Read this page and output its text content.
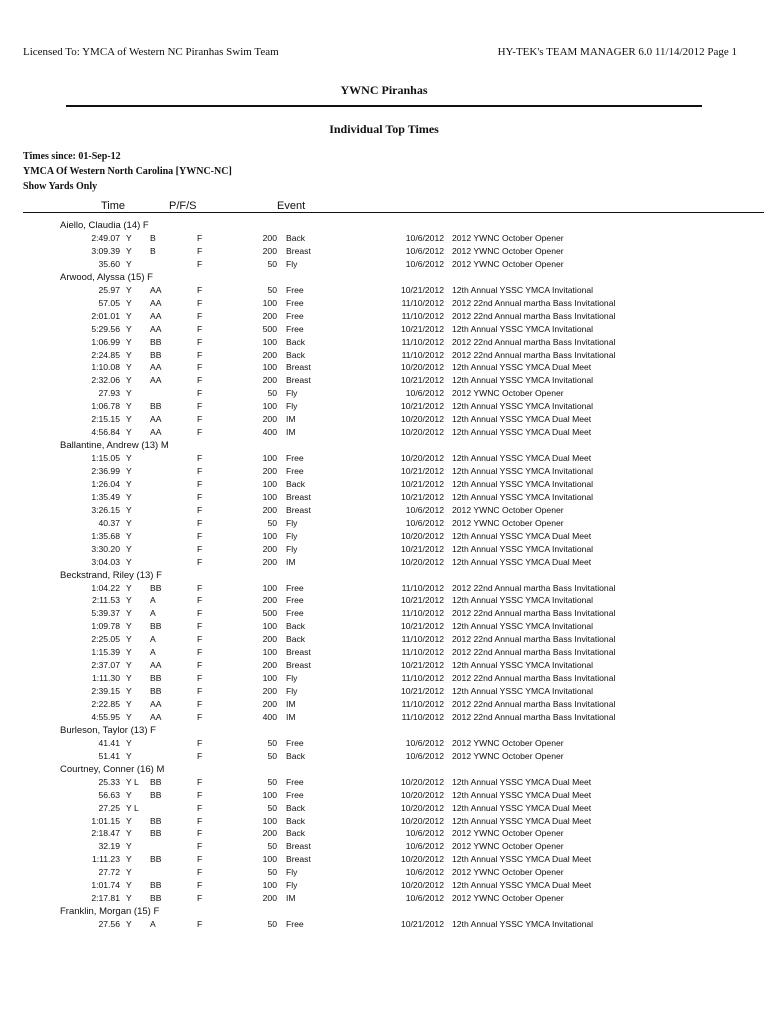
Licensed To: YMCA of Western NC Piranhas Swim Team	HY-TEK's TEAM MANAGER 6.0 11/14/2012 Page 1
YWNC Piranhas
Individual Top Times
Times since: 01-Sep-12
YMCA Of Western North Carolina [YWNC-NC]
Show Yards Only
Time	P/F/S	Event
Aiello, Claudia (14) F
2:49.07 Y B	F	200 Back	10/6/2012 2012 YWNC October Opener
3:09.39 Y B	F	200 Breast	10/6/2012 2012 YWNC October Opener
35.60 Y	F	50 Fly	10/6/2012 2012 YWNC October Opener
Arwood, Alyssa (15) F
25.97 Y AA	F	50 Free	10/21/2012 12th Annual YSSC YMCA Invitational
57.05 Y AA	F	100 Free	11/10/2012 2012 22nd Annual martha Bass Invitational
2:01.01 Y AA	F	200 Free	11/10/2012 2012 22nd Annual martha Bass Invitational
5:29.56 Y AA	F	500 Free	10/21/2012 12th Annual YSSC YMCA Invitational
1:06.99 Y BB	F	100 Back	11/10/2012 2012 22nd Annual martha Bass Invitational
2:24.85 Y BB	F	200 Back	11/10/2012 2012 22nd Annual martha Bass Invitational
1:10.08 Y AA	F	100 Breast	10/20/2012 12th Annual YSSC YMCA Dual Meet
2:32.06 Y AA	F	200 Breast	10/21/2012 12th Annual YSSC YMCA Invitational
27.93 Y	F	50 Fly	10/6/2012 2012 YWNC October Opener
1:06.78 Y BB	F	100 Fly	10/21/2012 12th Annual YSSC YMCA Invitational
2:15.15 Y AA	F	200 IM	10/20/2012 12th Annual YSSC YMCA Dual Meet
4:56.84 Y AA	F	400 IM	10/20/2012 12th Annual YSSC YMCA Dual Meet
Ballantine, Andrew (13) M
1:15.05 Y	F	100 Free	10/20/2012 12th Annual YSSC YMCA Dual Meet
2:36.99 Y	F	200 Free	10/21/2012 12th Annual YSSC YMCA Invitational
1:26.04 Y	F	100 Back	10/21/2012 12th Annual YSSC YMCA Invitational
1:35.49 Y	F	100 Breast	10/21/2012 12th Annual YSSC YMCA Invitational
3:26.15 Y	F	200 Breast	10/6/2012 2012 YWNC October Opener
40.37 Y	F	50 Fly	10/6/2012 2012 YWNC October Opener
1:35.68 Y	F	100 Fly	10/20/2012 12th Annual YSSC YMCA Dual Meet
3:30.20 Y	F	200 Fly	10/21/2012 12th Annual YSSC YMCA Invitational
3:04.03 Y	F	200 IM	10/20/2012 12th Annual YSSC YMCA Dual Meet
Beckstrand, Riley (13) F
1:04.22 Y BB	F	100 Free	11/10/2012 2012 22nd Annual martha Bass Invitational
2:11.53 Y A	F	200 Free	10/21/2012 12th Annual YSSC YMCA Invitational
5:39.37 Y A	F	500 Free	11/10/2012 2012 22nd Annual martha Bass Invitational
1:09.78 Y BB	F	100 Back	10/21/2012 12th Annual YSSC YMCA Invitational
2:25.05 Y A	F	200 Back	11/10/2012 2012 22nd Annual martha Bass Invitational
1:15.39 Y A	F	100 Breast	11/10/2012 2012 22nd Annual martha Bass Invitational
2:37.07 Y AA	F	200 Breast	10/21/2012 12th Annual YSSC YMCA Invitational
1:11.30 Y BB	F	100 Fly	11/10/2012 2012 22nd Annual martha Bass Invitational
2:39.15 Y BB	F	200 Fly	10/21/2012 12th Annual YSSC YMCA Invitational
2:22.85 Y AA	F	200 IM	11/10/2012 2012 22nd Annual martha Bass Invitational
4:55.95 Y AA	F	400 IM	11/10/2012 2012 22nd Annual martha Bass Invitational
Burleson, Taylor (13) F
41.41 Y	F	50 Free	10/6/2012 2012 YWNC October Opener
51.41 Y	F	50 Back	10/6/2012 2012 YWNC October Opener
Courtney, Conner (16) M
25.33 Y L BB	F	50 Free	10/20/2012 12th Annual YSSC YMCA Dual Meet
56.63 Y BB	F	100 Free	10/20/2012 12th Annual YSSC YMCA Dual Meet
27.25 Y L	F	50 Back	10/20/2012 12th Annual YSSC YMCA Dual Meet
1:01.15 Y BB	F	100 Back	10/20/2012 12th Annual YSSC YMCA Dual Meet
2:18.47 Y BB	F	200 Back	10/6/2012 2012 YWNC October Opener
32.19 Y	F	50 Breast	10/6/2012 2012 YWNC October Opener
1:11.23 Y BB	F	100 Breast	10/20/2012 12th Annual YSSC YMCA Dual Meet
27.72 Y	F	50 Fly	10/6/2012 2012 YWNC October Opener
1:01.74 Y BB	F	100 Fly	10/20/2012 12th Annual YSSC YMCA Dual Meet
2:17.81 Y BB	F	200 IM	10/6/2012 2012 YWNC October Opener
Franklin, Morgan (15) F
27.56 Y A	F	50 Free	10/21/2012 12th Annual YSSC YMCA Invitational
